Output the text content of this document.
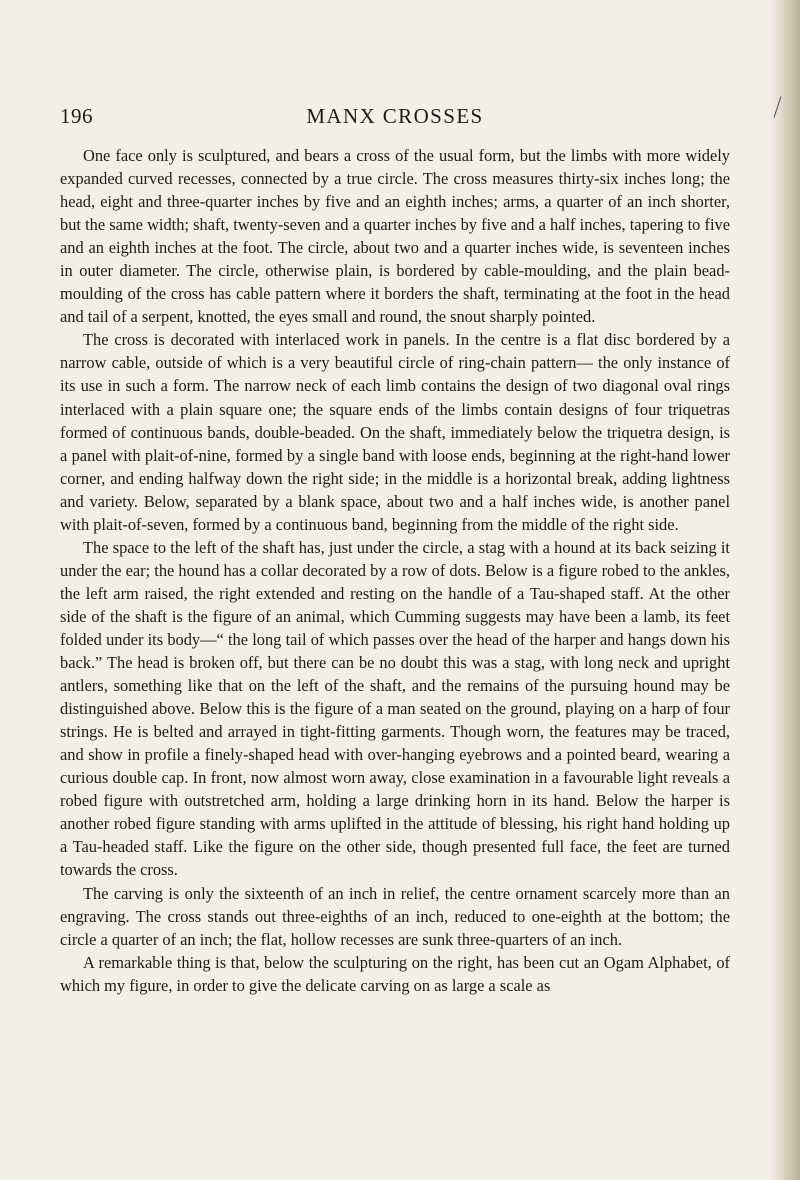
196	MANX CROSSES

One face only is sculptured, and bears a cross of the usual form, but the limbs with more widely expanded curved recesses, connected by a true circle. The cross measures thirty-six inches long; the head, eight and three-quarter inches by five and an eighth inches; arms, a quarter of an inch shorter, but the same width; shaft, twenty-seven and a quarter inches by five and a half inches, tapering to five and an eighth inches at the foot. The circle, about two and a quarter inches wide, is seventeen inches in outer diameter. The circle, otherwise plain, is bordered by cable-moulding, and the plain bead-moulding of the cross has cable pattern where it borders the shaft, terminating at the foot in the head and tail of a serpent, knotted, the eyes small and round, the snout sharply pointed.

The cross is decorated with interlaced work in panels. In the centre is a flat disc bordered by a narrow cable, outside of which is a very beautiful circle of ring-chain pattern— the only instance of its use in such a form. The narrow neck of each limb contains the design of two diagonal oval rings interlaced with a plain square one; the square ends of the limbs contain designs of four triquetras formed of continuous bands, double-beaded. On the shaft, immediately below the triquetra design, is a panel with plait-of-nine, formed by a single band with loose ends, beginning at the right-hand lower corner, and ending halfway down the right side; in the middle is a horizontal break, adding lightness and variety. Below, separated by a blank space, about two and a half inches wide, is another panel with plait-of-seven, formed by a continuous band, beginning from the middle of the right side.

The space to the left of the shaft has, just under the circle, a stag with a hound at its back seizing it under the ear; the hound has a collar decorated by a row of dots. Below is a figure robed to the ankles, the left arm raised, the right extended and resting on the handle of a Tau-shaped staff. At the other side of the shaft is the figure of an animal, which Cumming suggests may have been a lamb, its feet folded under its body—“ the long tail of which passes over the head of the harper and hangs down his back.” The head is broken off, but there can be no doubt this was a stag, with long neck and upright antlers, something like that on the left of the shaft, and the remains of the pursuing hound may be distinguished above. Below this is the figure of a man seated on the ground, playing on a harp of four strings. He is belted and arrayed in tight-fitting garments. Though worn, the features may be traced, and show in profile a finely-shaped head with over-hanging eyebrows and a pointed beard, wearing a curious double cap. In front, now almost worn away, close examination in a favourable light reveals a robed figure with outstretched arm, holding a large drinking horn in its hand. Below the harper is another robed figure standing with arms uplifted in the attitude of blessing, his right hand holding up a Tau-headed staff. Like the figure on the other side, though presented full face, the feet are turned towards the cross.

The carving is only the sixteenth of an inch in relief, the centre ornament scarcely more than an engraving. The cross stands out three-eighths of an inch, reduced to one-eighth at the bottom; the circle a quarter of an inch; the flat, hollow recesses are sunk three-quarters of an inch.

A remarkable thing is that, below the sculpturing on the right, has been cut an Ogam Alphabet, of which my figure, in order to give the delicate carving on as large a scale as
